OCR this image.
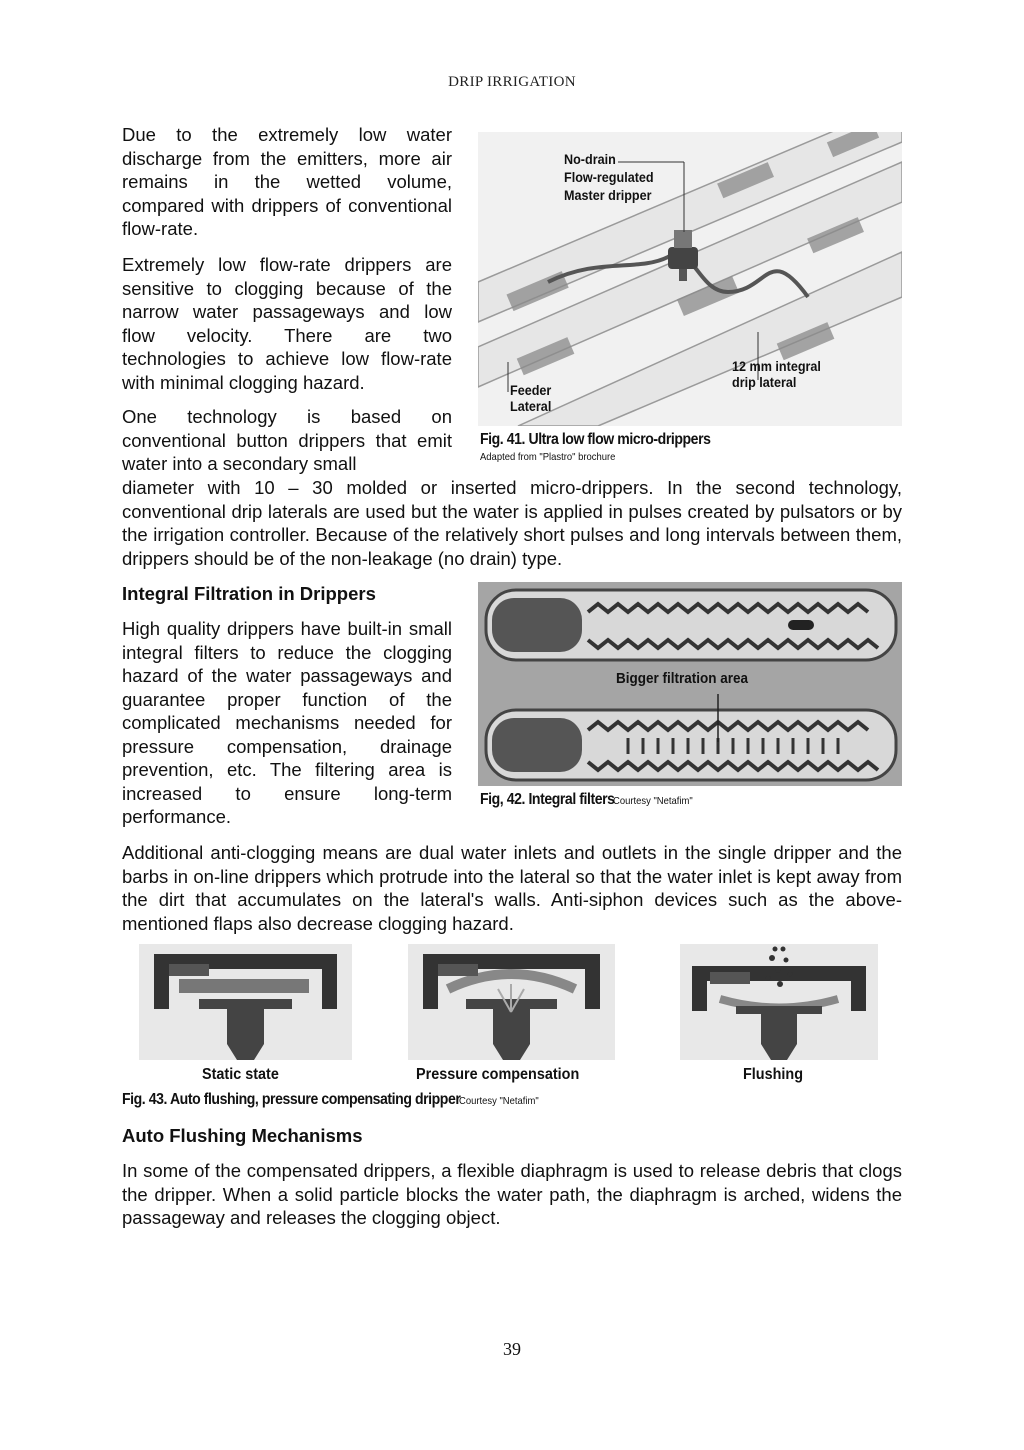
DRIP IRRIGATION

Due to the extremely low water discharge from the emitters, more air remains in the wetted volume, compared with drippers of conventional flow-rate.

Extremely low flow-rate drippers are sensitive to clogging because of the narrow water passageways and low flow velocity. There are two technologies to achieve low flow-rate with minimal clogging hazard.

One technology is based on conventional button drippers that emit water into a secondary small

diameter with 10 – 30 molded or inserted micro-drippers. In the second technology, conventional drip laterals are used but the water is applied in pulses created by pulsators or by the irrigation controller. Because of the relatively short pulses and long intervals between them, drippers should be of the non-leakage (no drain) type.

No-drain
Flow-regulated
Master dripper
12 mm integral
drip lateral
Feeder
Lateral
Fig. 41. Ultra low flow micro-drippers
Adapted from "Plastro" brochure
Integral Filtration in Drippers

High quality drippers have built-in small integral filters to reduce the clogging hazard of the water passageways and guarantee proper function of the complicated mechanisms needed for pressure compensation, drainage prevention, etc. The filtering area is increased to ensure long-term performance.

Bigger filtration area
Fig, 42. Integral filters Courtesy "Netafim"

Additional anti-clogging means are dual water inlets and outlets in the single dripper and the barbs in on-line drippers which protrude into the lateral so that the water inlet is kept away from the dirt that accumulates on the lateral's walls. Anti-siphon devices such as the above-mentioned flaps also decrease clogging hazard.

Static state	Pressure compensation	Flushing
Fig. 43. Auto flushing, pressure compensating dripper Courtesy "Netafim"
Auto Flushing Mechanisms

In some of the compensated drippers, a flexible diaphragm is used to release debris that clogs the dripper. When a solid particle blocks the water path, the diaphragm is arched, widens the passageway and releases the clogging object.

39
